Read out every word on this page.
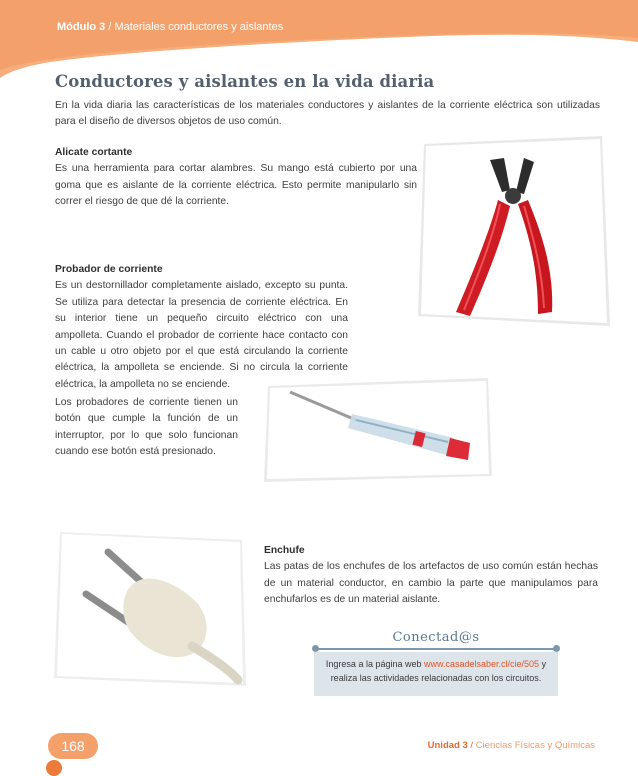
Módulo 3 / Materiales conductores y aislantes
Conductores y aislantes en la vida diaria
En la vida diaria las características de los materiales conductores y aislantes de la corriente eléctrica son utilizadas para el diseño de diversos objetos de uso común.
Alicate cortante
Es una herramienta para cortar alambres. Su mango está cubierto por una goma que es aislante de la corriente eléctrica. Esto permite manipularlo sin correr el riesgo de que dé la corriente.
Probador de corriente
Es un destornillador completamente aislado, excepto su punta. Se utiliza para detectar la presencia de corriente eléctrica. En su interior tiene un pequeño circuito eléctrico con una ampolleta. Cuando el probador de corriente hace contacto con un cable u otro objeto por el que está circulando la corriente eléctrica, la ampolleta se enciende. Si no circula la corriente eléctrica, la ampolleta no se enciende.
Los probadores de corriente tienen un botón que cumple la función de un interruptor, por lo que solo funcionan cuando ese botón está presionado.
Enchufe
Las patas de los enchufes de los artefactos de uso común están hechas de un material conductor, en cambio la parte que manipulamos para enchufarlos es de un material aislante.
Conectad@s
Ingresa a la página web www.casadelsaber.cl/cie/505 y realiza las actividades relacionadas con los circuitos.
168	Unidad 3 / Ciencias Físicas y Químicas
